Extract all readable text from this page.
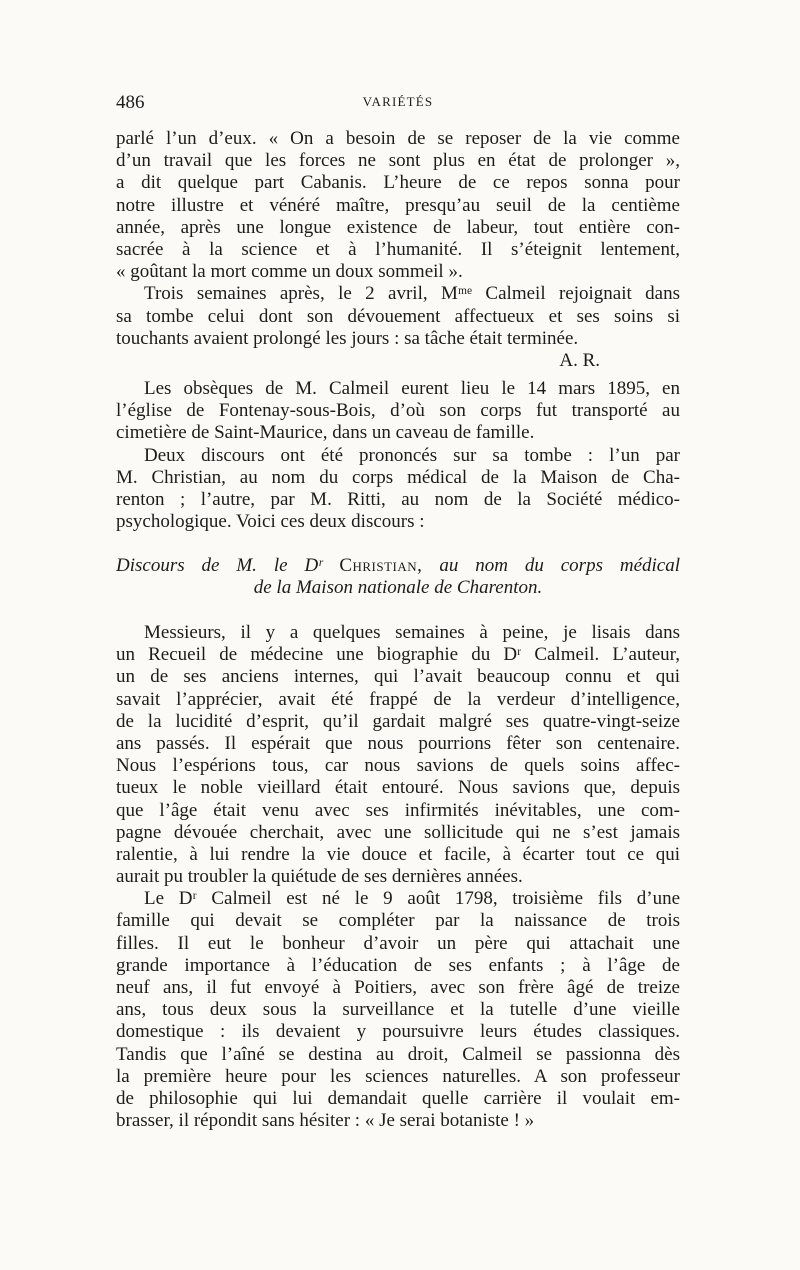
486	VARIÉTÉS
parlé l’un d’eux. « On a besoin de se reposer de la vie comme
d’un travail que les forces ne sont plus en état de prolonger »,
a dit quelque part Cabanis. L’heure de ce repos sonna pour
notre illustre et vénéré maître, presqu’au seuil de la centième
année, après une longue existence de labeur, tout entière con-
sacrée à la science et à l’humanité. Il s’éteignit lentement,
« goûtant la mort comme un doux sommeil ».
Trois semaines après, le 2 avril, Mᵐᵉ Calmeil rejoignait dans
sa tombe celui dont son dévouement affectueux et ses soins si
touchants avaient prolongé les jours : sa tâche était terminée.
A. R.
Les obsèques de M. Calmeil eurent lieu le 14 mars 1895, en
l’église de Fontenay-sous-Bois, d’où son corps fut transporté au
cimetière de Saint-Maurice, dans un caveau de famille.
Deux discours ont été prononcés sur sa tombe : l’un par
M. Christian, au nom du corps médical de la Maison de Cha-
renton ; l’autre, par M. Ritti, au nom de la Société médico-
psychologique. Voici ces deux discours :
Discours de M. le Dʳ Christian, au nom du corps médical
de la Maison nationale de Charenton.
Messieurs, il y a quelques semaines à peine, je lisais dans
un Recueil de médecine une biographie du Dʳ Calmeil. L’auteur,
un de ses anciens internes, qui l’avait beaucoup connu et qui
savait l’apprécier, avait été frappé de la verdeur d’intelligence,
de la lucidité d’esprit, qu’il gardait malgré ses quatre-vingt-seize
ans passés. Il espérait que nous pourrions fêter son centenaire.
Nous l’espérions tous, car nous savions de quels soins affec-
tueux le noble vieillard était entouré. Nous savions que, depuis
que l’âge était venu avec ses infirmités inévitables, une com-
pagne dévouée cherchait, avec une sollicitude qui ne s’est jamais
ralentie, à lui rendre la vie douce et facile, à écarter tout ce qui
aurait pu troubler la quiétude de ses dernières années.
Le Dʳ Calmeil est né le 9 août 1798, troisième fils d’une
famille qui devait se compléter par la naissance de trois
filles. Il eut le bonheur d’avoir un père qui attachait une
grande importance à l’éducation de ses enfants ; à l’âge de
neuf ans, il fut envoyé à Poitiers, avec son frère âgé de treize
ans, tous deux sous la surveillance et la tutelle d’une vieille
domestique : ils devaient y poursuivre leurs études classiques.
Tandis que l’aîné se destina au droit, Calmeil se passionna dès
la première heure pour les sciences naturelles. A son professeur
de philosophie qui lui demandait quelle carrière il voulait em-
brasser, il répondit sans hésiter : « Je serai botaniste ! »
